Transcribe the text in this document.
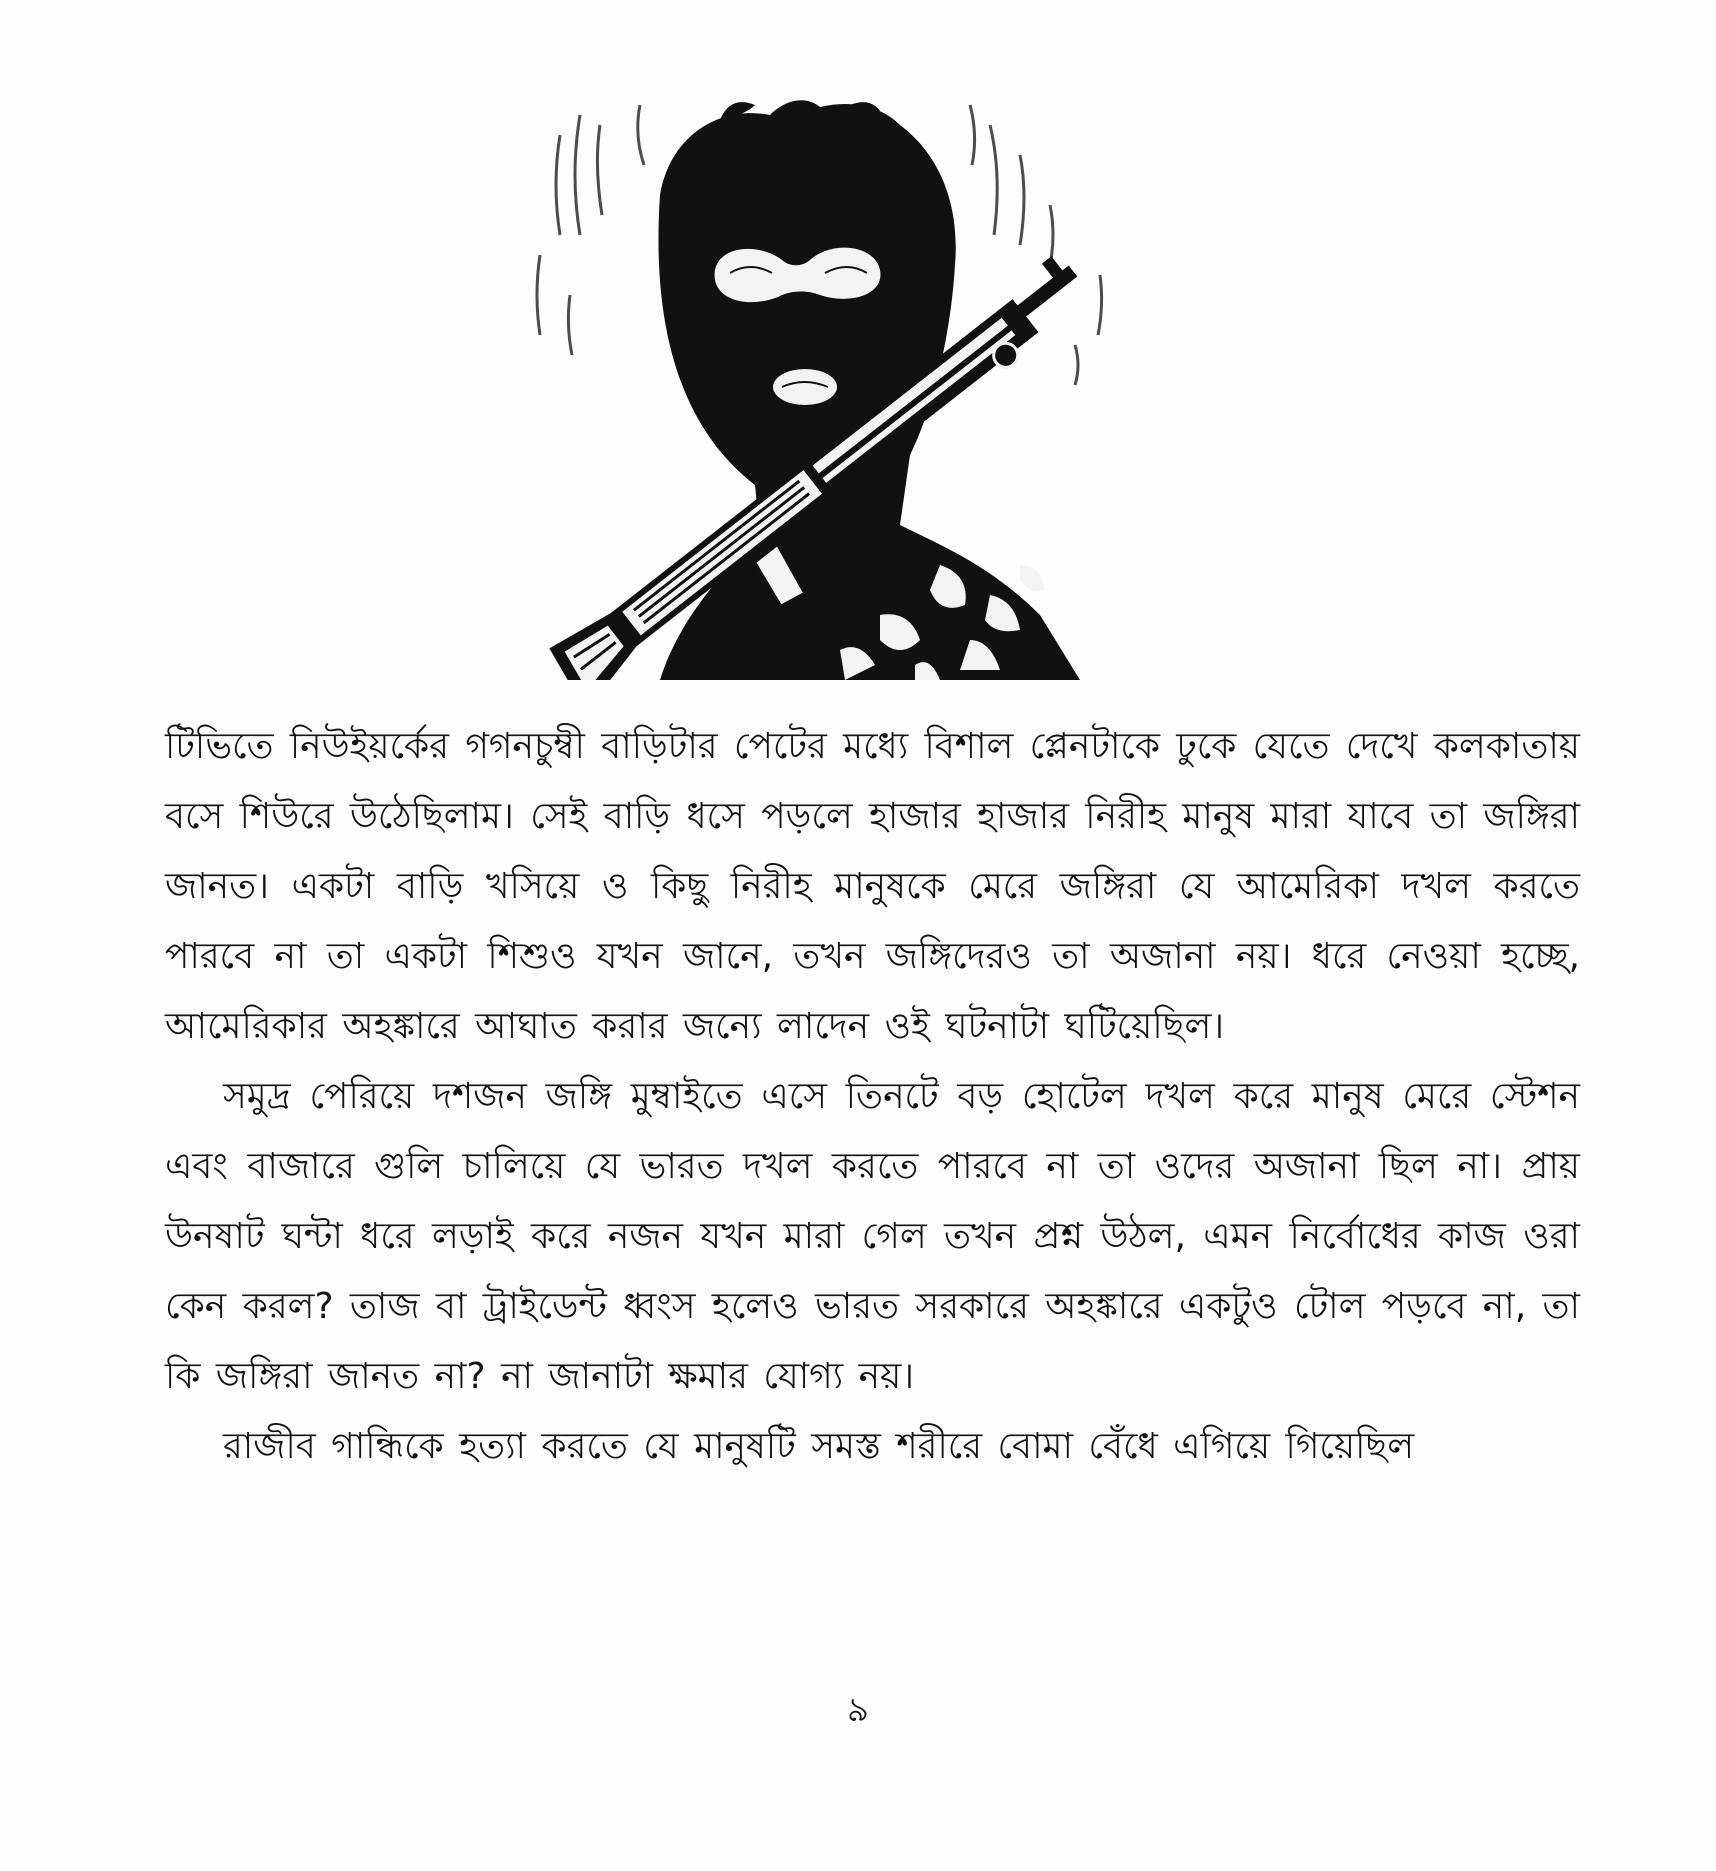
টিভিতে নিউইয়র্কের গগনচুম্বী বাড়িটার পেটের মধ্যে বিশাল প্লেনটাকে ঢুকে যেতে দেখে কলকাতায় বসে শিউরে উঠেছিলাম। সেই বাড়ি ধসে পড়লে হাজার হাজার নিরীহ মানুষ মারা যাবে তা জঙ্গিরা জানত। একটা বাড়ি খসিয়ে ও কিছু নিরীহ মানুষকে মেরে জঙ্গিরা যে আমেরিকা দখল করতে পারবে না তা একটা শিশুও যখন জানে, তখন জঙ্গিদেরও তা অজানা নয়। ধরে নেওয়া হচ্ছে, আমেরিকার অহঙ্কারে আঘাত করার জন্যে লাদেন ওই ঘটনাটা ঘটিয়েছিল।

সমুদ্র পেরিয়ে দশজন জঙ্গি মুম্বাইতে এসে তিনটে বড় হোটেল দখল করে মানুষ মেরে স্টেশন এবং বাজারে গুলি চালিয়ে যে ভারত দখল করতে পারবে না তা ওদের অজানা ছিল না। প্রায় উনষাট ঘন্টা ধরে লড়াই করে নজন যখন মারা গেল তখন প্রশ্ন উঠল, এমন নির্বোধের কাজ ওরা কেন করল? তাজ বা ট্রাইডেন্ট ধ্বংস হলেও ভারত সরকারে অহঙ্কারে একটুও টোল পড়বে না, তা কি জঙ্গিরা জানত না? না জানাটা ক্ষমার যোগ্য নয়।

রাজীব গান্ধিকে হত্যা করতে যে মানুষটি সমস্ত শরীরে বোমা বেঁধে এগিয়ে গিয়েছিল

৯
